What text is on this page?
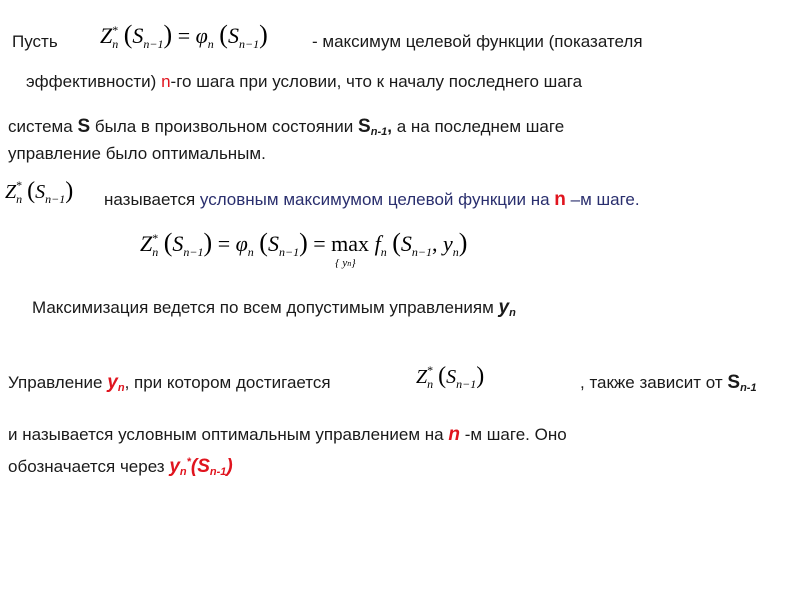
Пусть $Z^*_n$ $(S_{n-1}) = \varphi_n$ $(S_{n-1})$	- максимум целевой функции (показателя
эффективности) n-го шага при условии, что к началу последнего шага
система S была в произвольном состоянии $S_{n-1}$, а на последнем шаге
управление было оптимальным.
$Z^*_n$ $(S_{n-1})$ называется условным максимумом целевой функции на n –м шаге.
$Z^*_n$ $(S_{n-1}) = \varphi_n$ $(S_{n-1}) = \max$
{ yn}
$f_n$ ($S_{n-1}$, $y_n$)
Максимизация ведется по всем допустимым управлениям $y_n$
Управление $y_n$, при котором достигается	$Z^*_n$ $(S_{n-1})$	, также зависит от $S_{n-1}$
и называется условным оптимальным управлением на n -м шаге. Оно
обозначается через $y_n^*(S_{n-1})$
